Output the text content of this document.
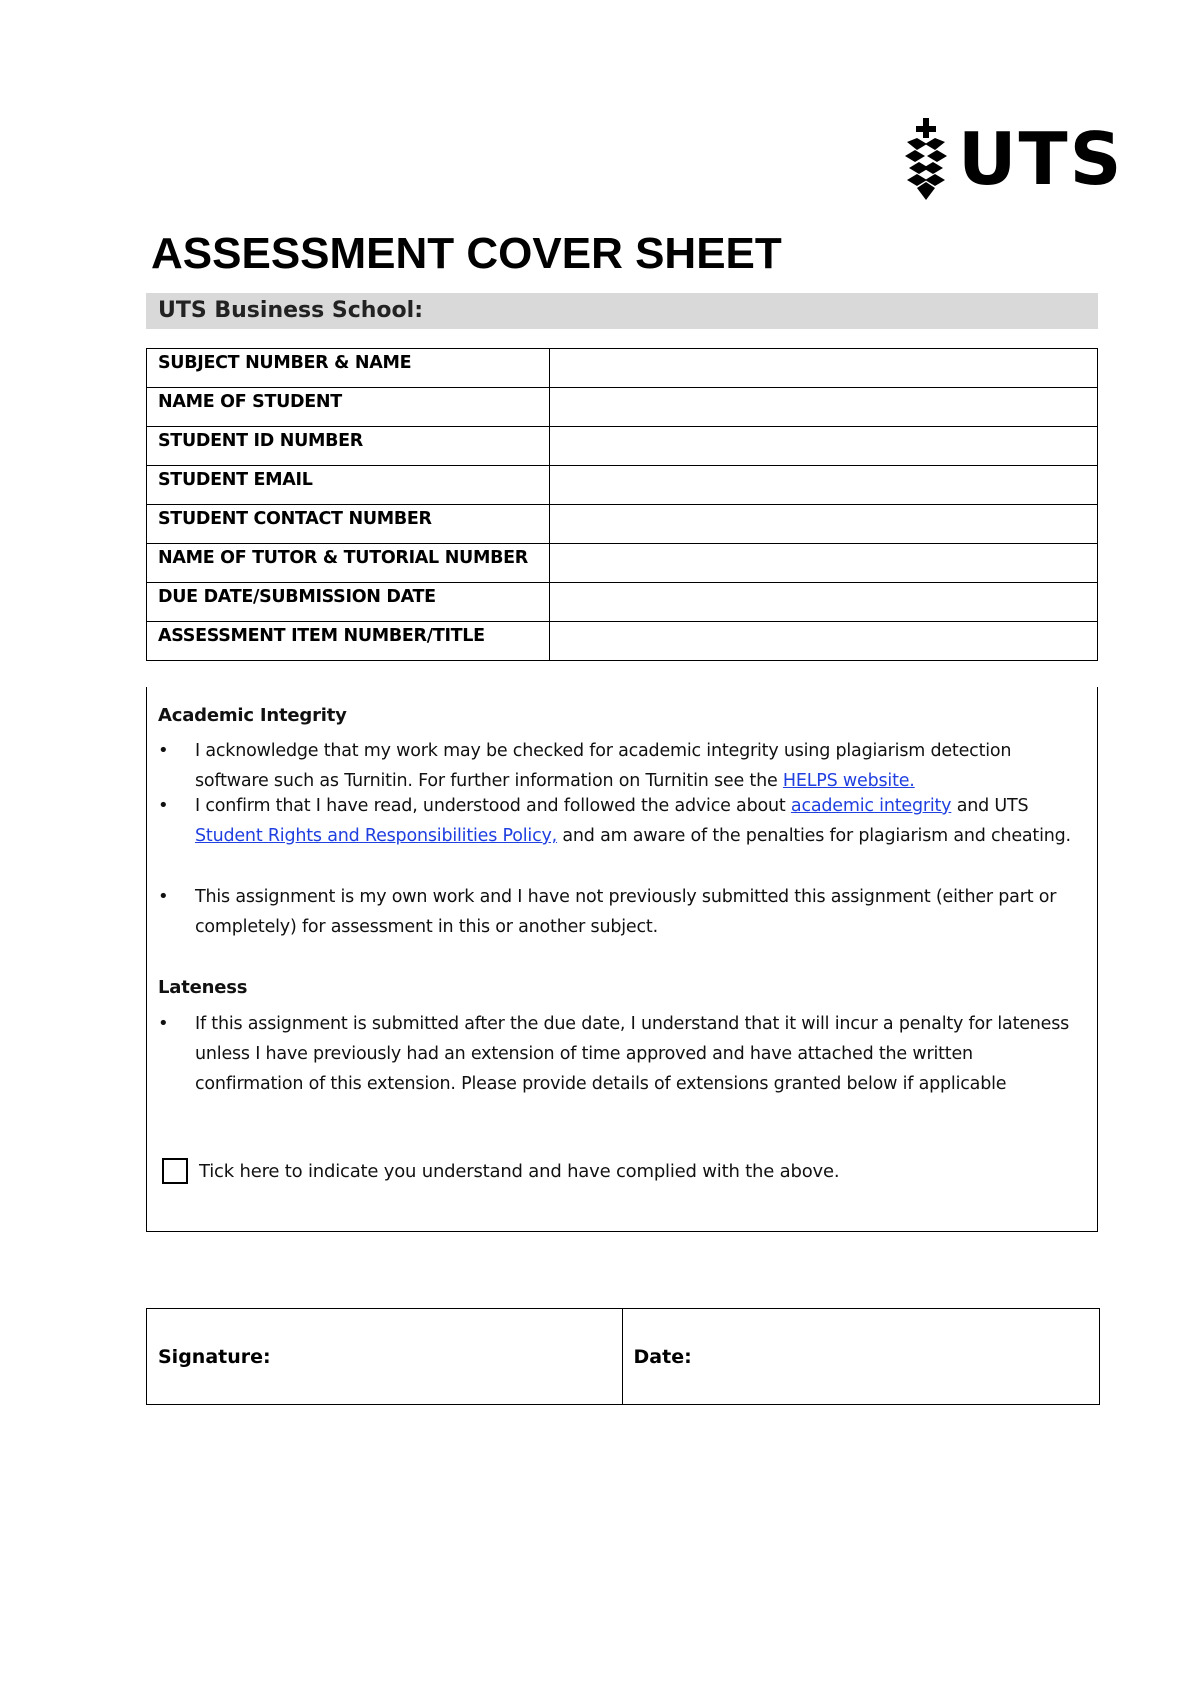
UTS
ASSESSMENT COVER SHEET
UTS Business School:
SUBJECT NUMBER & NAME	
NAME OF STUDENT	
STUDENT ID NUMBER	
STUDENT EMAIL	
STUDENT CONTACT NUMBER	
NAME OF TUTOR & TUTORIAL NUMBER	
DUE DATE/SUBMISSION DATE	
ASSESSMENT ITEM NUMBER/TITLE	
Academic Integrity
• I acknowledge that my work may be checked for academic integrity using plagiarism detection software such as Turnitin. For further information on Turnitin see the HELPS website.
• I confirm that I have read, understood and followed the advice about academic integrity and UTS Student Rights and Responsibilities Policy, and am aware of the penalties for plagiarism and cheating.
• This assignment is my own work and I have not previously submitted this assignment (either part or completely) for assessment in this or another subject.
Lateness
• If this assignment is submitted after the due date, I understand that it will incur a penalty for lateness unless I have previously had an extension of time approved and have attached the written confirmation of this extension. Please provide details of extensions granted below if applicable
Tick here to indicate you understand and have complied with the above.
Signature:	Date:
